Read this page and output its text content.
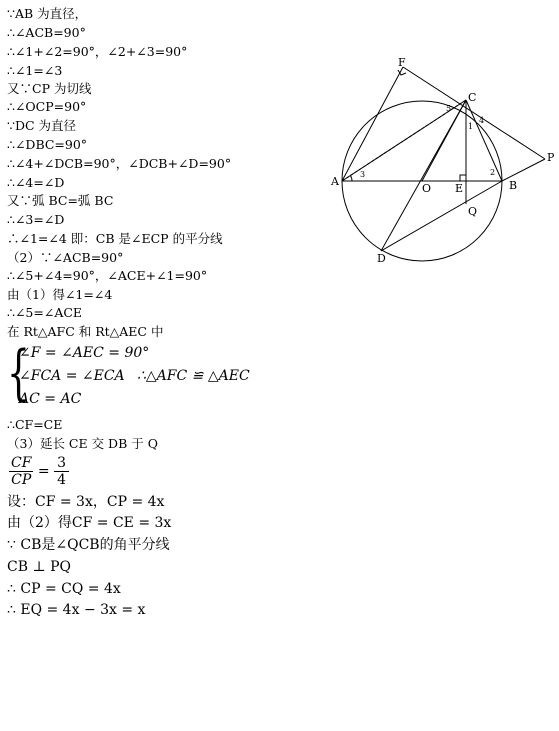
∵AB 为直径，
∴∠ACB=90°
∴∠1+∠2=90°，∠2+∠3=90°
∴∠1=∠3
又∵CP 为切线
∴∠OCP=90°
∵DC 为直径
∴∠DBC=90°
∴∠4+∠DCB=90°，∠DCB+∠D=90°
∴∠4=∠D
又∵弧 BC=弧 BC
∴∠3=∠D
∴∠1=∠4 即：CB 是∠ECP 的平分线
（2）∵∠ACB=90°
∴∠5+∠4=90°，∠ACE+∠1=90°
由（1）得∠1=∠4
∴∠5=∠ACE
在 Rt△AFC 和 Rt△AEC 中
∴CF=CE
（3）延长 CE 交 DB 于 Q
设：CF = 3x，CP = 4x
由（2）得CF = CE = 3x
∵ CB是∠QCB的角平分线
CB ⊥ PQ
∴ CP = CQ = 4x
∴ EQ = 4x − 3x = x
{
∠F = ∠AEC = 90°
∠FCA = ∠ECA ∴△AFC ≌ △AEC
AC = AC
$\frac{CF}{CP} = \frac{3}{4}$
F
C
P
A
O E	B
Q
D
1
2
3
4
5
